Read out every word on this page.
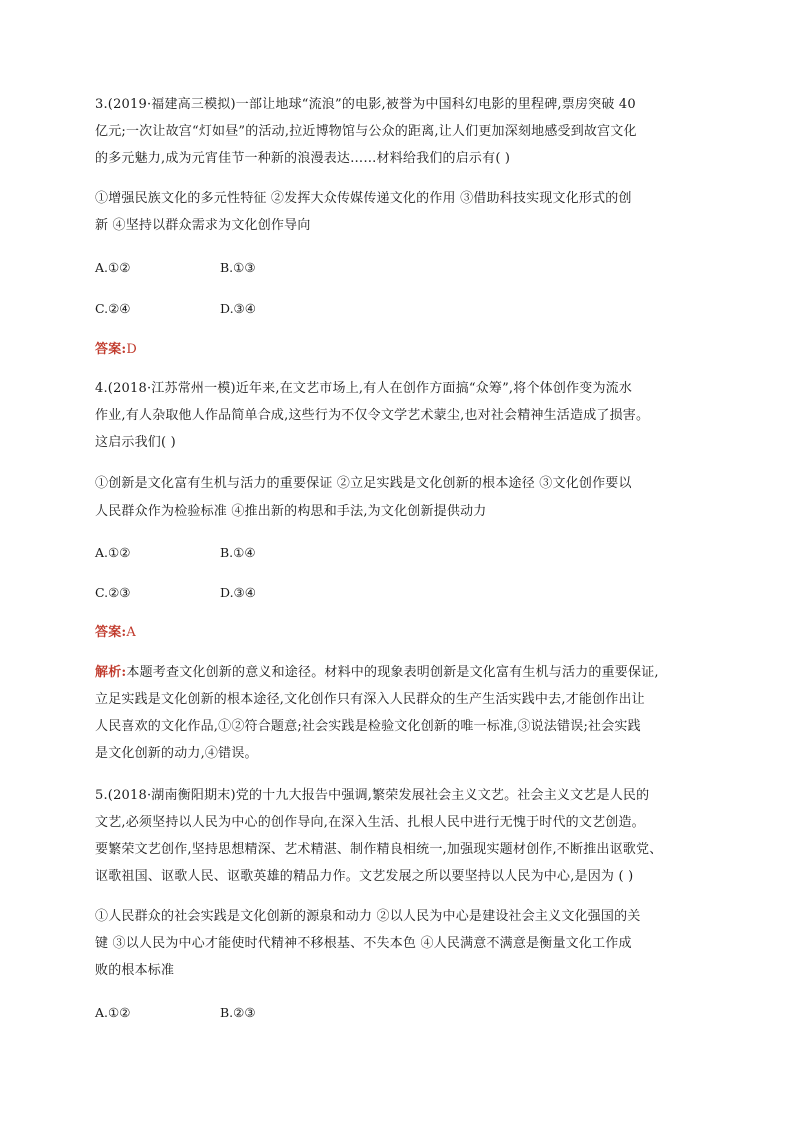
3.(2019·福建高三模拟)一部让地球“流浪”的电影,被誉为中国科幻电影的里程碑,票房突破 40
亿元;一次让故宫“灯如昼”的活动,拉近博物馆与公众的距离,让人们更加深刻地感受到故宫文化
的多元魅力,成为元宵佳节一种新的浪漫表达……材料给我们的启示有( )
①增强民族文化的多元性特征 ②发挥大众传媒传递文化的作用 ③借助科技实现文化形式的创
新 ④坚持以群众需求为文化创作导向
A.①②	B.①③
C.②④	D.③④
答案:D
4.(2018·江苏常州一模)近年来,在文艺市场上,有人在创作方面搞“众筹”,将个体创作变为流水
作业,有人杂取他人作品简单合成,这些行为不仅令文学艺术蒙尘,也对社会精神生活造成了损害。
这启示我们( )
①创新是文化富有生机与活力的重要保证 ②立足实践是文化创新的根本途径 ③文化创作要以
人民群众作为检验标准 ④推出新的构思和手法,为文化创新提供动力
A.①②	B.①④
C.②③	D.③④
答案:A
解析:本题考查文化创新的意义和途径。材料中的现象表明创新是文化富有生机与活力的重要保证,
立足实践是文化创新的根本途径,文化创作只有深入人民群众的生产生活实践中去,才能创作出让
人民喜欢的文化作品,①②符合题意;社会实践是检验文化创新的唯一标准,③说法错误;社会实践
是文化创新的动力,④错误。
5.(2018·湖南衡阳期末)党的十九大报告中强调,繁荣发展社会主义文艺。社会主义文艺是人民的
文艺,必须坚持以人民为中心的创作导向,在深入生活、扎根人民中进行无愧于时代的文艺创造。
要繁荣文艺创作,坚持思想精深、艺术精湛、制作精良相统一,加强现实题材创作,不断推出讴歌党、
讴歌祖国、讴歌人民、讴歌英雄的精品力作。文艺发展之所以要坚持以人民为中心,是因为 ( )
①人民群众的社会实践是文化创新的源泉和动力 ②以人民为中心是建设社会主义文化强国的关
键 ③以人民为中心才能使时代精神不移根基、不失本色 ④人民满意不满意是衡量文化工作成
败的根本标准
A.①②	B.②③
